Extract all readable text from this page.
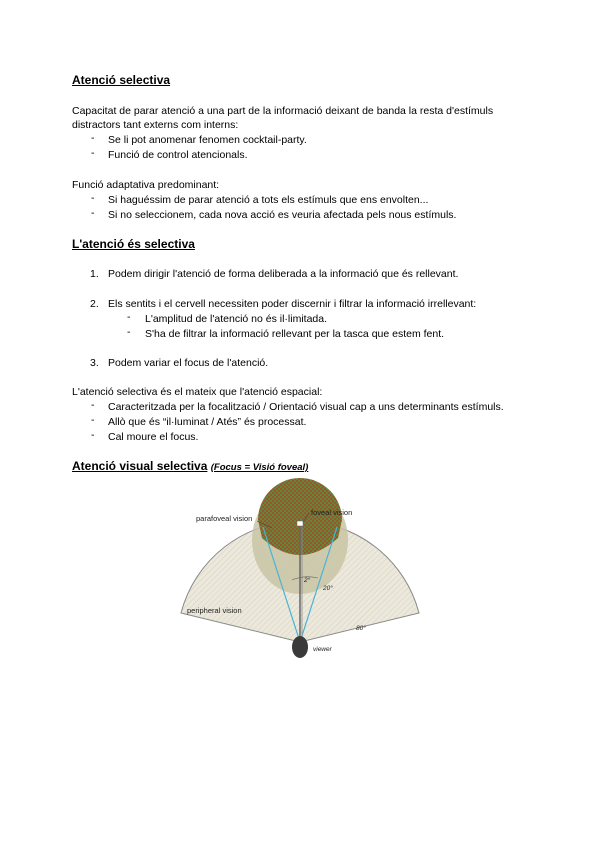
Atenció selectiva
Capacitat de parar atenció a una part de la informació deixant de banda la resta d'estímuls
distractors tant externs com interns:
- Se li pot anomenar fenomen cocktail-party.
- Funció de control atencionals.
Funció adaptativa predominant:
- Si haguéssim de parar atenció a tots els estímuls que ens envolten...
- Si no seleccionem, cada nova acció es veuria afectada pels nous estímuls.
L'atenció és selectiva
1. Podem dirigir l'atenció de forma deliberada a la informació que és rellevant.
2. Els sentits i el cervell necessiten poder discernir i filtrar la informació irrellevant:
- L'amplitud de l'atenció no és il·limitada.
- S'ha de filtrar la informació rellevant per la tasca que estem fent.
3. Podem variar el focus de l'atenció.
L'atenció selectiva és el mateix que l'atenció espacial:
- Caracteritzada per la focalització / Orientació visual cap a uns determinants estímuls.
- Allò que és “il·luminat / Atés” és processat.
- Cal moure el focus.
Atenció visual selectiva (Focus = Visió foveal)
foveal vision
parafoveal vision
peripheral vision
viewer
2°
20°
80°
